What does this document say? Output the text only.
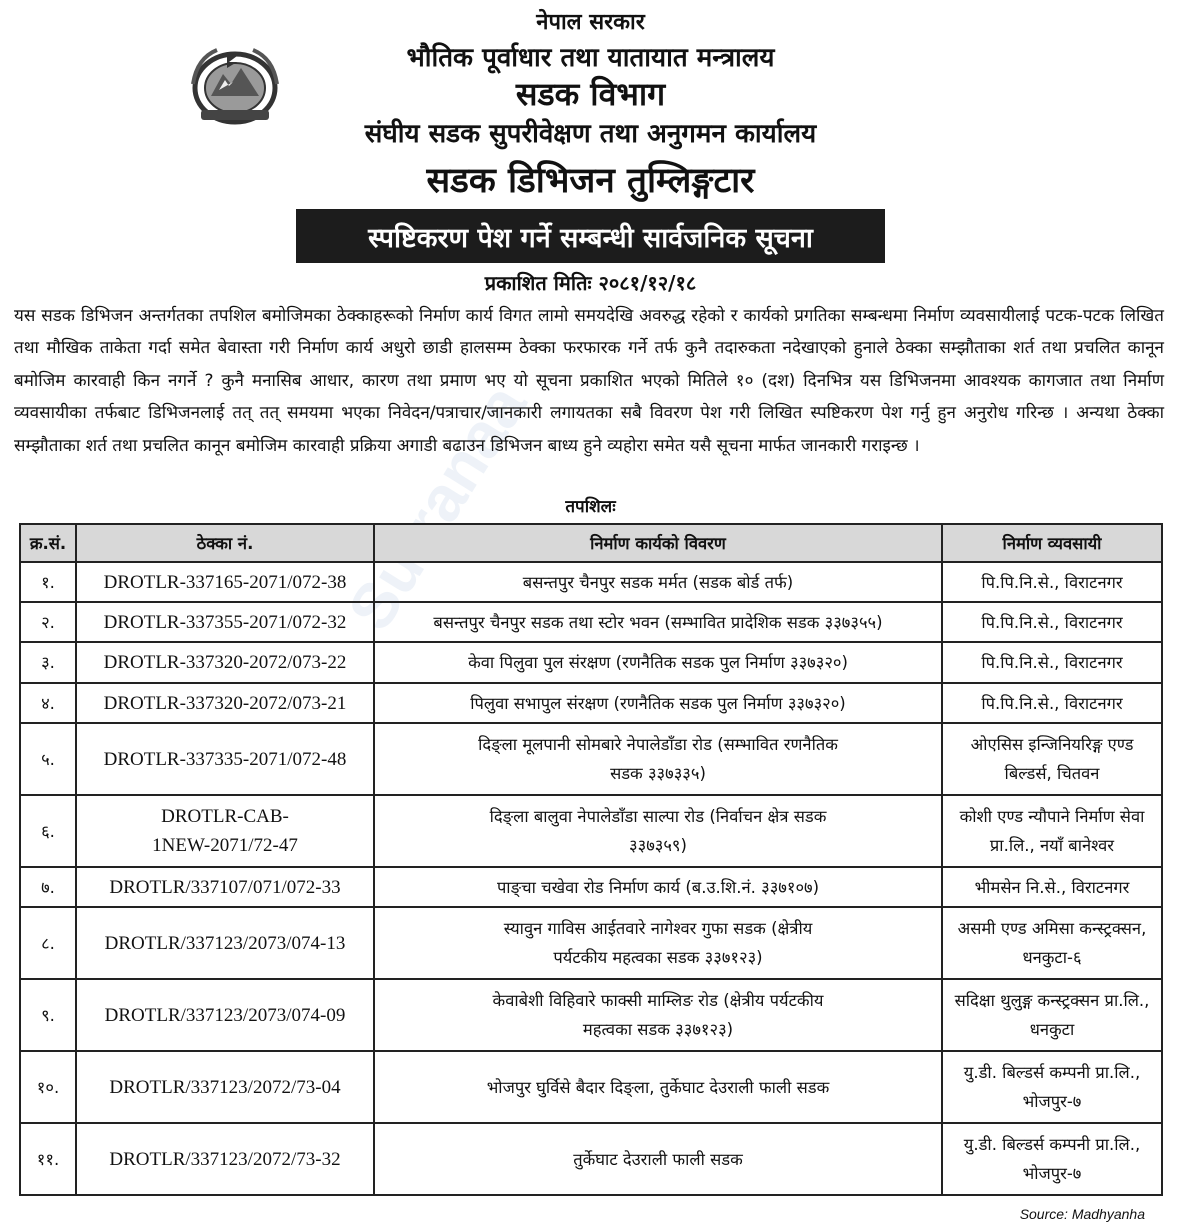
Sutranaa
नेपाल सरकार
भौतिक पूर्वाधार तथा यातायात मन्त्रालय
सडक विभाग
संघीय सडक सुपरीवेक्षण तथा अनुगमन कार्यालय
सडक डिभिजन तुम्लिङ्गटार
स्पष्टिकरण पेश गर्ने सम्बन्धी सार्वजनिक सूचना
प्रकाशित मितिः २०८१/१२/१८
यस सडक डिभिजन अन्तर्गतका तपशिल बमोजिमका ठेक्काहरूको निर्माण कार्य विगत लामो समयदेखि अवरुद्ध रहेको र कार्यको प्रगतिका सम्बन्धमा निर्माण व्यवसायीलाई पटक-पटक लिखित तथा मौखिक ताकेता गर्दा समेत बेवास्ता गरी निर्माण कार्य अधुरो छाडी हालसम्म ठेक्का फरफारक गर्ने तर्फ कुनै तदारुकता नदेखाएको हुनाले ठेक्का सम्झौताका शर्त तथा प्रचलित कानून बमोजिम कारवाही किन नगर्ने ? कुनै मनासिब आधार, कारण तथा प्रमाण भए यो सूचना प्रकाशित भएको मितिले १० (दश) दिनभित्र यस डिभिजनमा आवश्यक कागजात तथा निर्माण व्यवसायीका तर्फबाट डिभिजनलाई तत् तत् समयमा भएका निवेदन/पत्राचार/जानकारी लगायतका सबै विवरण पेश गरी लिखित स्पष्टिकरण पेश गर्नु हुन अनुरोध गरिन्छ । अन्यथा ठेक्का सम्झौताका शर्त तथा प्रचलित कानून बमोजिम कारवाही प्रक्रिया अगाडी बढाउन डिभिजन बाध्य हुने व्यहोरा समेत यसै सूचना मार्फत जानकारी गराइन्छ ।
तपशिलः
क्र.सं.	ठेक्का नं.	निर्माण कार्यको विवरण	निर्माण व्यवसायी
१.	DROTLR-337165-2071/072-38	बसन्तपुर चैनपुर सडक मर्मत (सडक बोर्ड तर्फ)	पि.पि.नि.से., विराटनगर
२.	DROTLR-337355-2071/072-32	बसन्तपुर चैनपुर सडक तथा स्टोर भवन (सम्भावित प्रादेशिक सडक ३३७३५५)	पि.पि.नि.से., विराटनगर
३.	DROTLR-337320-2072/073-22	केवा पिलुवा पुल संरक्षण (रणनैतिक सडक पुल निर्माण ३३७३२०)	पि.पि.नि.से., विराटनगर
४.	DROTLR-337320-2072/073-21	पिलुवा सभापुल संरक्षण (रणनैतिक सडक पुल निर्माण ३३७३२०)	पि.पि.नि.से., विराटनगर
५.	DROTLR-337335-2071/072-48	दिङ्ला मूलपानी सोमबारे नेपालेडाँडा रोड (सम्भावित रणनैतिक सडक ३३७३३५)	ओएसिस इन्जिनियरिङ्ग एण्ड बिल्डर्स, चितवन
६.	DROTLR-CAB-1NEW-2071/72-47	दिङ्ला बालुवा नेपालेडाँडा साल्पा रोड (निर्वाचन क्षेत्र सडक ३३७३५९)	कोशी एण्ड न्यौपाने निर्माण सेवा प्रा.लि., नयाँ बानेश्वर
७.	DROTLR/337107/071/072-33	पाङ्चा चखेवा रोड निर्माण कार्य (ब.उ.शि.नं. ३३७१०७)	भीमसेन नि.से., विराटनगर
८.	DROTLR/337123/2073/074-13	स्यावुन गाविस आईतवारे नागेश्वर गुफा सडक (क्षेत्रीय पर्यटकीय महत्वका सडक ३३७१२३)	असमी एण्ड अमिसा कन्स्ट्रक्सन, धनकुटा-६
९.	DROTLR/337123/2073/074-09	केवाबेशी विहिवारे फाक्सी माम्लिङ रोड (क्षेत्रीय पर्यटकीय महत्वका सडक ३३७१२३)	सदिक्षा थुलुङ्ग कन्स्ट्रक्सन प्रा.लि., धनकुटा
१०.	DROTLR/337123/2072/73-04	भोजपुर घुर्विसे बैदार दिङ्ला, तुर्केघाट देउराली फाली सडक	यु.डी. बिल्डर्स कम्पनी प्रा.लि., भोजपुर-७
११.	DROTLR/337123/2072/73-32	तुर्केघाट देउराली फाली सडक	यु.डी. बिल्डर्स कम्पनी प्रा.लि., भोजपुर-७
Source: Madhyanha
